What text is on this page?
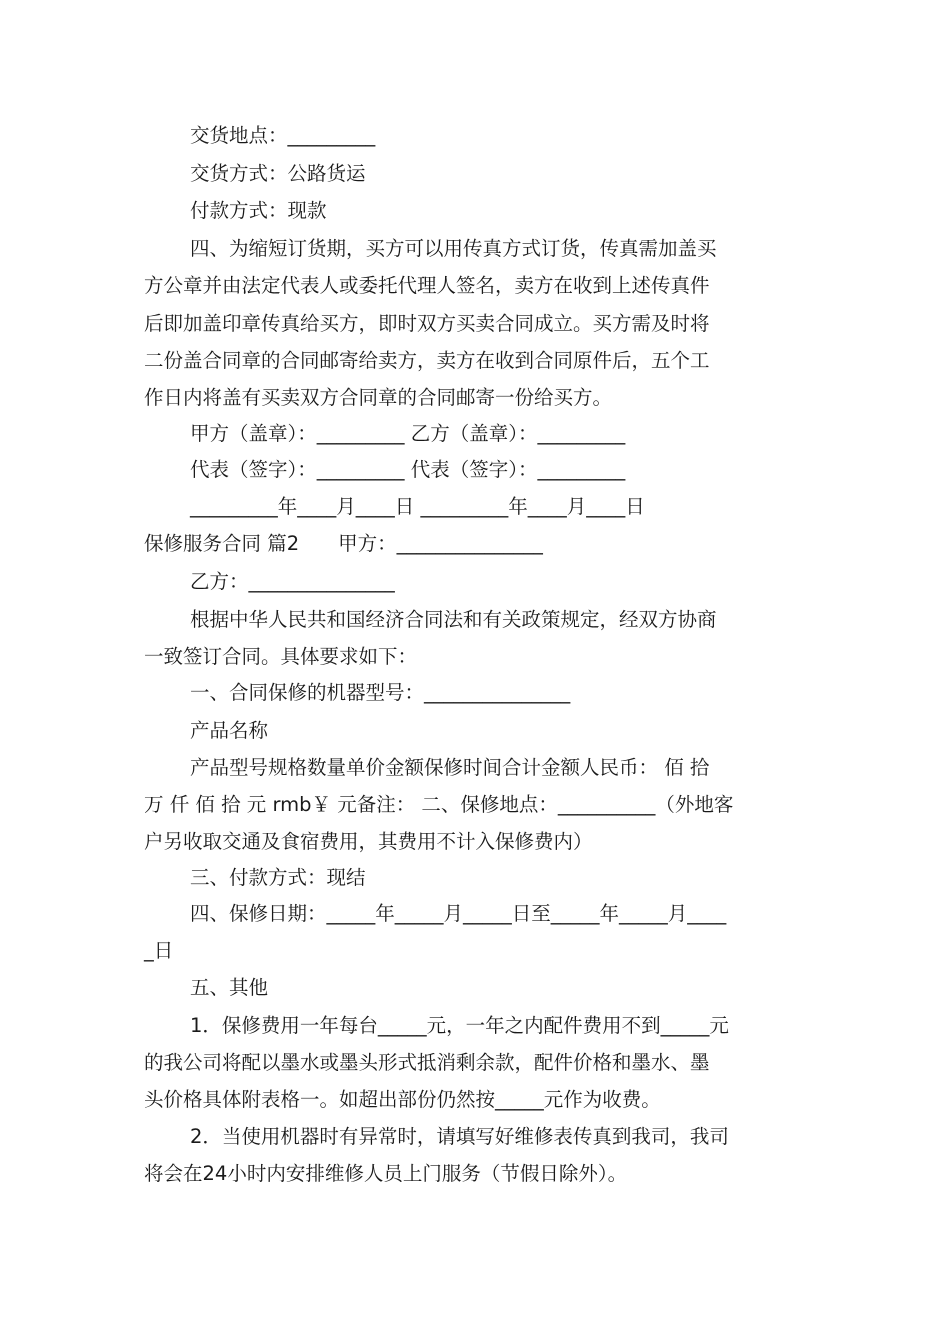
交货地点：_________
交货方式：公路货运
付款方式：现款
四、为缩短订货期，买方可以用传真方式订货，传真需加盖买
方公章并由法定代表人或委托代理人签名，卖方在收到上述传真件
后即加盖印章传真给买方，即时双方买卖合同成立。买方需及时将
二份盖合同章的合同邮寄给卖方，卖方在收到合同原件后，五个工
作日内将盖有买卖双方合同章的合同邮寄一份给买方。
甲方（盖章）：_________ 乙方（盖章）：_________
代表（签字）：_________ 代表（签字）：_________
_________年____月____日 _________年____月____日
保修服务合同 篇2　　甲方：_______________
乙方：_______________
根据中华人民共和国经济合同法和有关政策规定，经双方协商
一致签订合同。具体要求如下：
一、合同保修的机器型号：_______________
产品名称
产品型号规格数量单价金额保修时间合计金额人民币： 佰 拾
万 仟 佰 拾 元 rmb￥ 元备注： 二、保修地点：__________（外地客
户另收取交通及食宿费用，其费用不计入保修费内）
三、付款方式：现结
四、保修日期：_____年_____月_____日至_____年_____月____
_日
五、其他
1．保修费用一年每台_____元，一年之内配件费用不到_____元
的我公司将配以墨水或墨头形式抵消剩余款，配件价格和墨水、墨
头价格具体附表格一。如超出部份仍然按_____元作为收费。
2．当使用机器时有异常时，请填写好维修表传真到我司，我司
将会在24小时内安排维修人员上门服务（节假日除外）。
